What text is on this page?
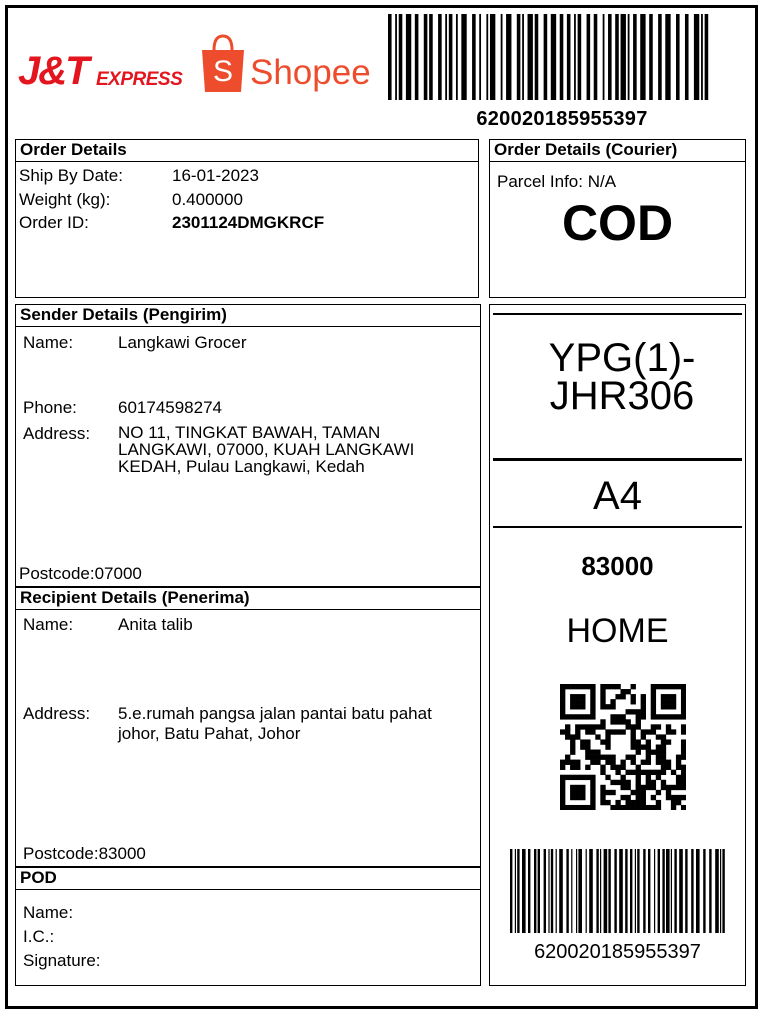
J&T EXPRESS S Shopee
620020185955397
Order Details
Ship By Date:	16-01-2023
Weight (kg):	0.400000
Order ID:	2301124DMGKRCF
Order Details (Courier)
Parcel Info: N/A
COD
Sender Details (Pengirim)
Name:	Langkawi Grocer
Phone: 60174598274
Address: NO 11, TINGKAT BAWAH, TAMAN LANGKAWI, 07000, KUAH LANGKAWI KEDAH, Pulau Langkawi, Kedah
Postcode:07000
Recipient Details (Penerima)
Name:	Anita talib
Address: 5.e.rumah pangsa jalan pantai batu pahat johor, Batu Pahat, Johor
Postcode:83000
POD
Name:
I.C.:
Signature:
YPG(1)-JHR306
A4
83000
HOME
620020185955397
